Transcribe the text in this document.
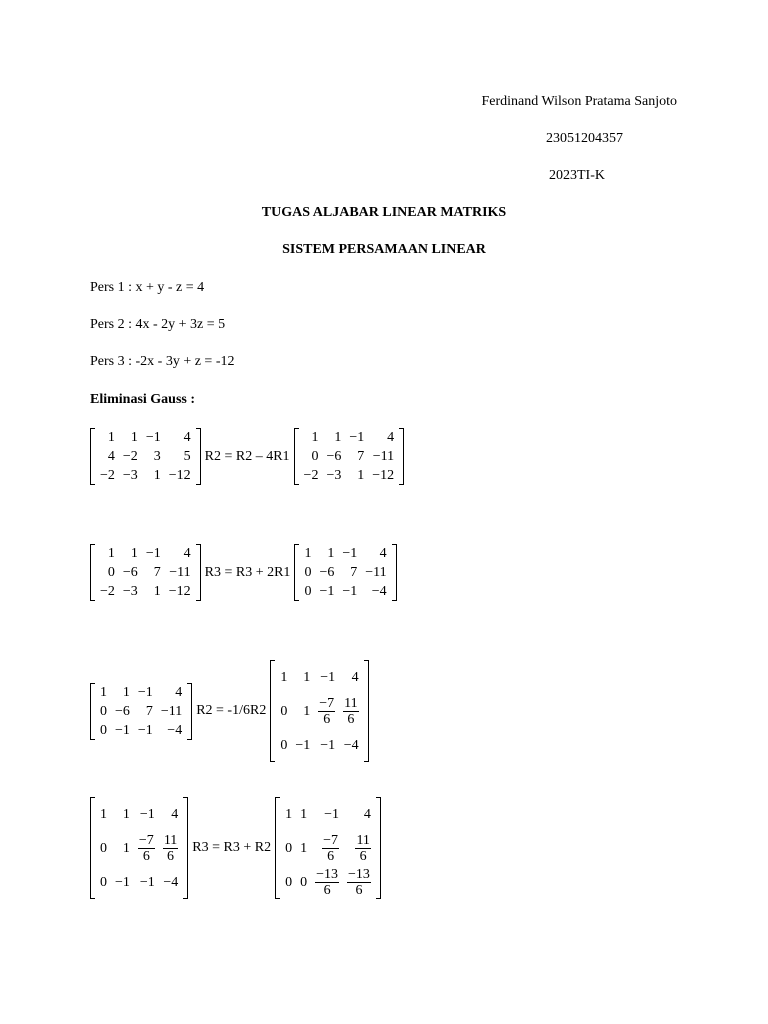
Ferdinand Wilson Pratama Sanjoto
23051204357
2023TI-K
TUGAS ALJABAR LINEAR MATRIKS
SISTEM PERSAMAAN LINEAR
Pers 1 : x + y - z = 4
Pers 2 : 4x - 2y + 3z = 5
Pers 3 : -2x - 3y + z = -12
Eliminasi Gauss :
1	1	−1	4
4	−2	3	5
−2	−3	1	−12
R2 = R2 – 4R1
1	1	−1	4
0	−6	7	−11
−2	−3	1	−12
1	1	−1	4
0	−6	7	−11
−2	−3	1	−12
R3 = R3 + 2R1
1	1	−1	4
0	−6	7	−11
0	−1	−1	−4
1	1	−1	4
0	−6	7	−11
0	−1	−1	−4
R2 = -1/6R2
1	1	−1	4
0	1	$\frac{-7}{6}$	$\frac{11}{6}$

0	−1	−1	−4
1	1	−1	4
0	1	$\frac{-7}{6}$	$\frac{11}{6}$

0	−1	−1	−4
R3 = R3 + R2
1	1	−1	4
0	1	$\frac{-7}{6}$	$\frac{11}{6}$

0	0	$\frac{-13}{6}$	$\frac{-13}{6}$
